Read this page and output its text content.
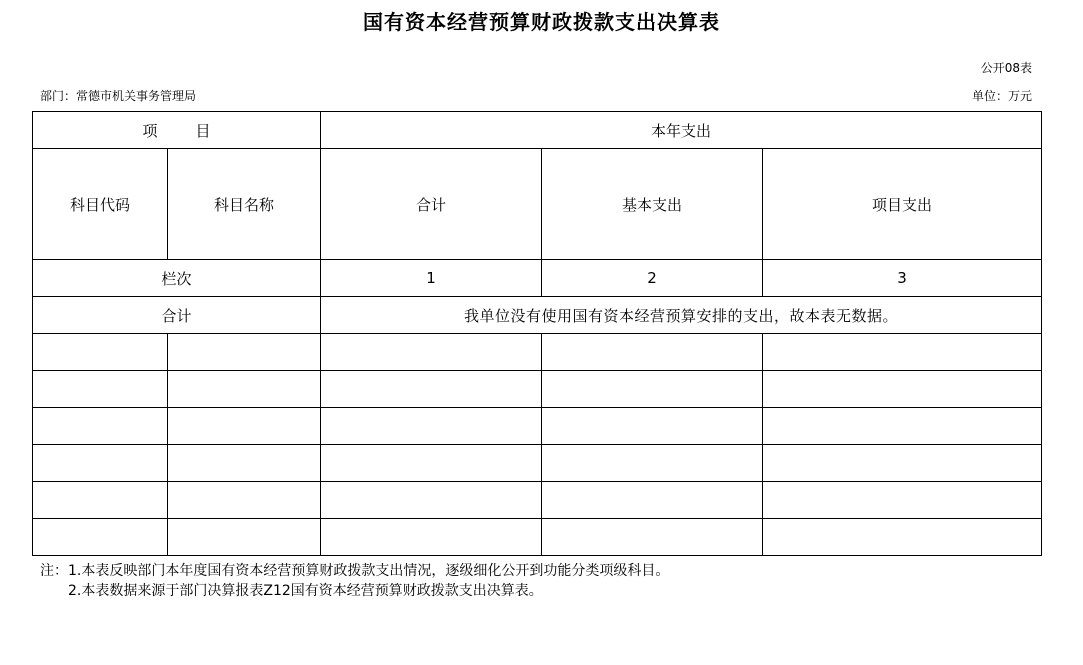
国有资本经营预算财政拨款支出决算表
公开08表
部门：常德市机关事务管理局	单位：万元
项 目		本年支出		
科目代码	科目名称	合计	基本支出	项目支出
栏次		1	2	3
合计		我单位没有使用国有资本经营预算安排的支出，故本表无数据。		

注：1.本表反映部门本年度国有资本经营预算财政拨款支出情况，逐级细化公开到功能分类项级科目。
2.本表数据来源于部门决算报表Z12国有资本经营预算财政拨款支出决算表。
